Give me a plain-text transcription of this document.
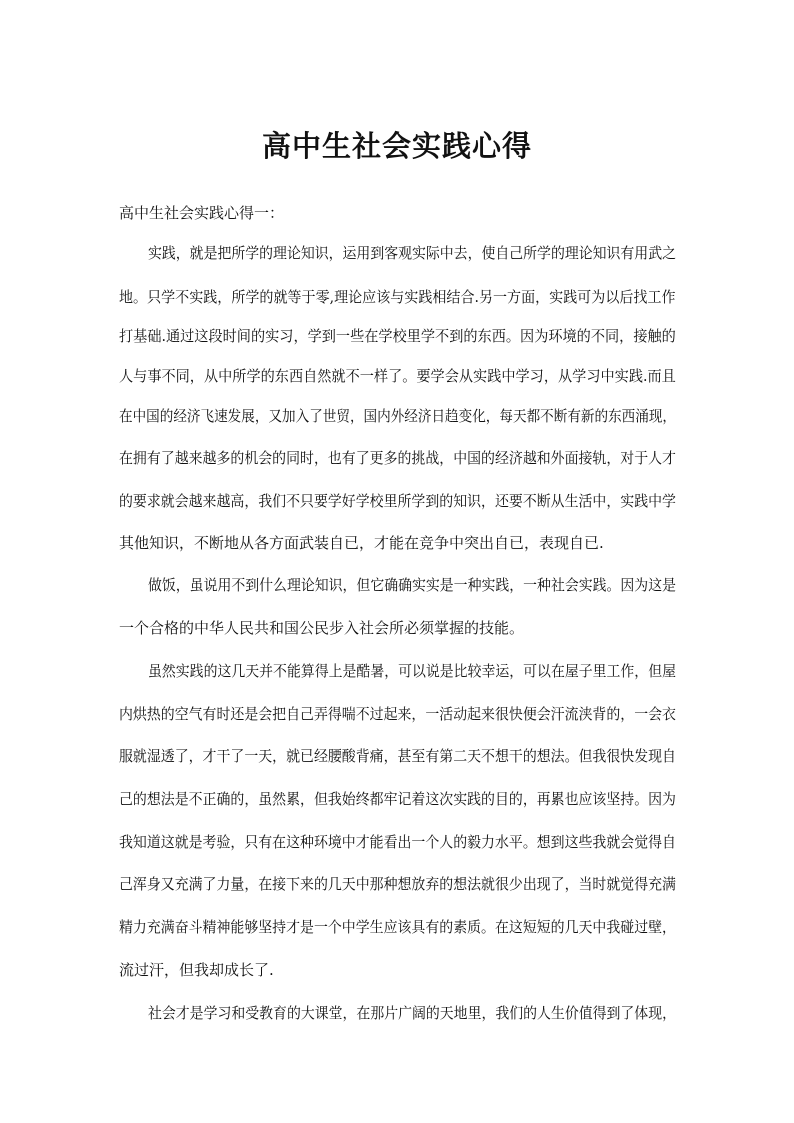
高中生社会实践心得

高中生社会实践心得一：

实践，就是把所学的理论知识，运用到客观实际中去，使自己所学的理论知识有用武之

地。只学不实践，所学的就等于零,理论应该与实践相结合.另一方面，实践可为以后找工作

打基础.通过这段时间的实习，学到一些在学校里学不到的东西。因为环境的不同，接触的

人与事不同，从中所学的东西自然就不一样了。要学会从实践中学习，从学习中实践.而且

在中国的经济飞速发展，又加入了世贸，国内外经济日趋变化，每天都不断有新的东西涌现，

在拥有了越来越多的机会的同时，也有了更多的挑战，中国的经济越和外面接轨，对于人才

的要求就会越来越高，我们不只要学好学校里所学到的知识，还要不断从生活中，实践中学

其他知识，不断地从各方面武装自已，才能在竞争中突出自已，表现自已.

做饭，虽说用不到什么理论知识，但它确确实实是一种实践，一种社会实践。因为这是

一个合格的中华人民共和国公民步入社会所必须掌握的技能。

虽然实践的这几天并不能算得上是酷暑，可以说是比较幸运，可以在屋子里工作，但屋

内烘热的空气有时还是会把自己弄得喘不过起来，一活动起来很快便会汗流浃背的，一会衣

服就湿透了，才干了一天，就已经腰酸背痛，甚至有第二天不想干的想法。但我很快发现自

己的想法是不正确的，虽然累，但我始终都牢记着这次实践的目的，再累也应该坚持。因为

我知道这就是考验，只有在这种环境中才能看出一个人的毅力水平。想到这些我就会觉得自

己浑身又充满了力量，在接下来的几天中那种想放弃的想法就很少出现了，当时就觉得充满

精力充满奋斗精神能够坚持才是一个中学生应该具有的素质。在这短短的几天中我碰过壁，

流过汗，但我却成长了.

社会才是学习和受教育的大课堂，在那片广阔的天地里，我们的人生价值得到了体现，
